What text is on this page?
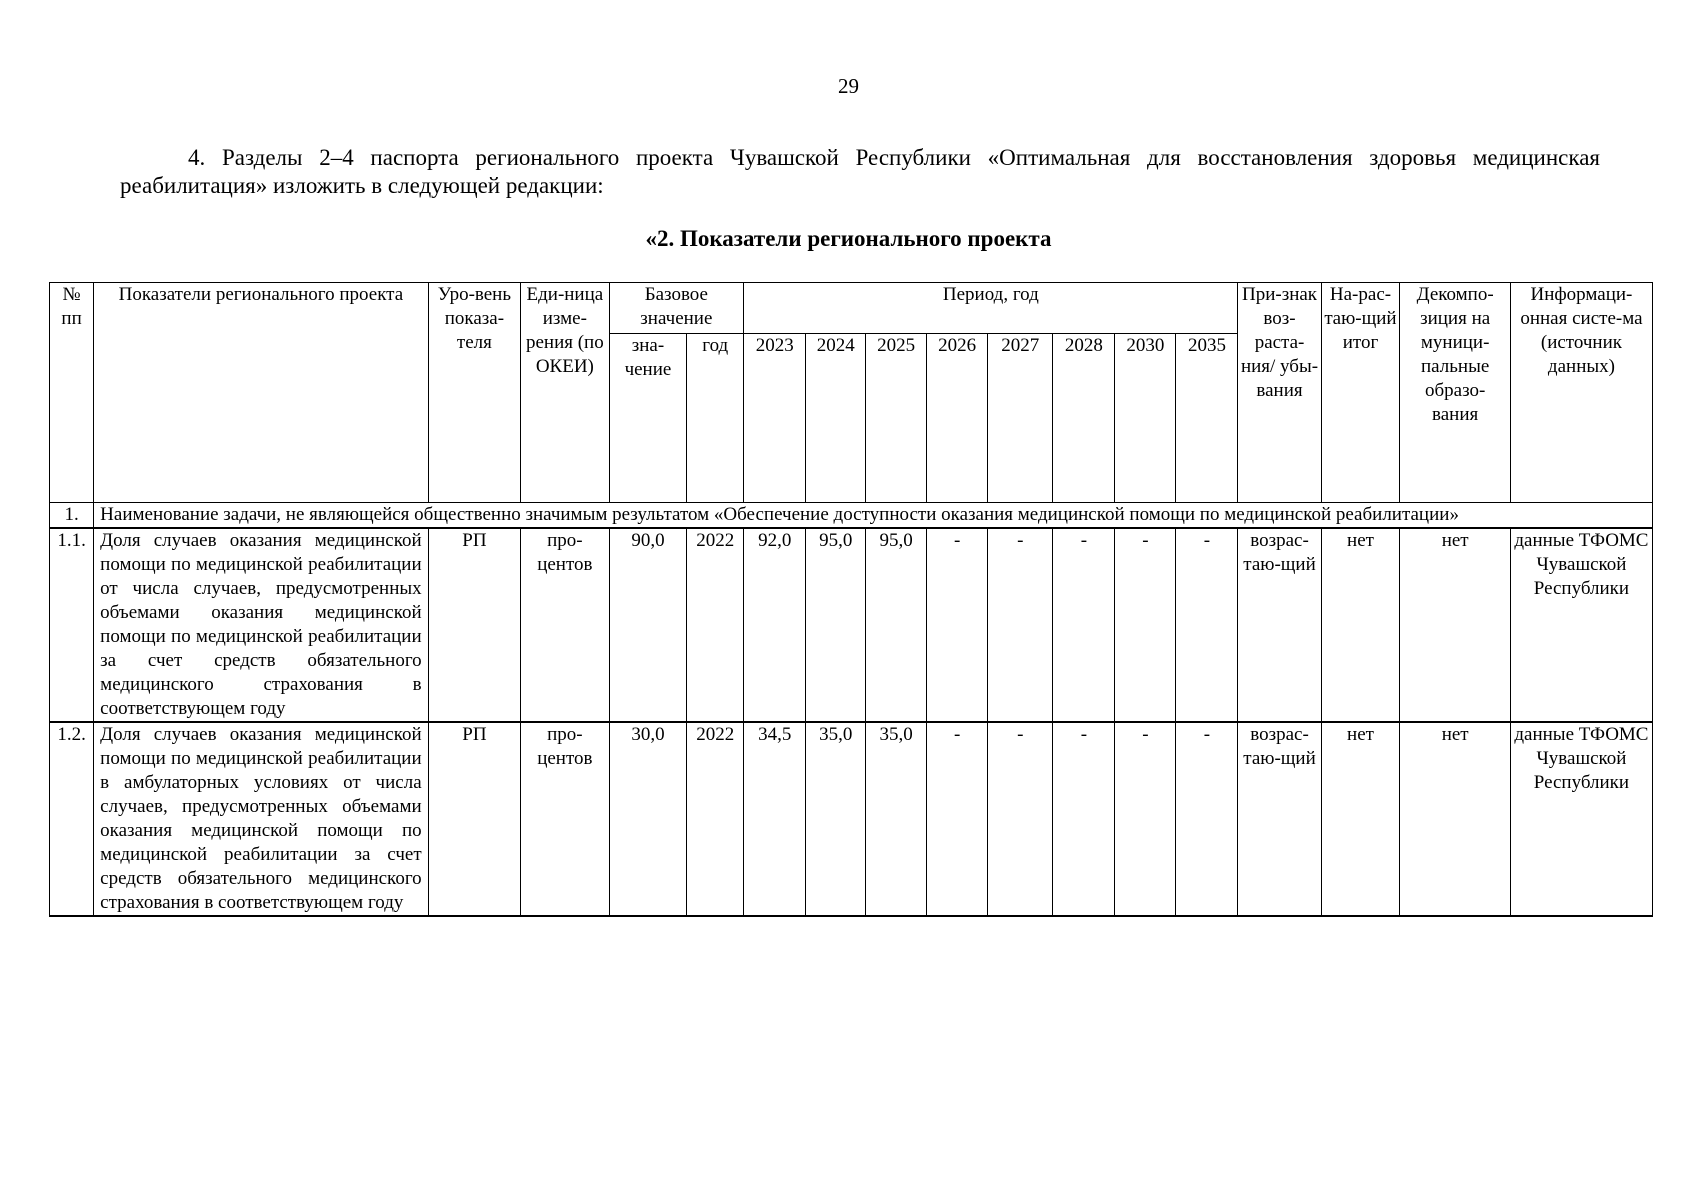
29
4. Разделы 2–4 паспорта регионального проекта Чувашской Республики «Оптимальная для восстановления здоровья медицинская реабилитация» изложить в следующей редакции:
«2. Показатели регионального проекта
№ пп	Показатели регионального проекта	Уро-вень показа-теля	Еди-ница изме-рения (по ОКЕИ)	Базовое значение		Период, год								При-знак воз-раста-ния/ убы-вания	На-рас-тaю-щий итог	Декомпо-зиция на муници-пальные образо-вания	Информаци-онная систе-ма (источник данных)

				зна-чение	год	2023	2024	2025	2026	2027	2028	2030	2035				
1.	Наименование задачи, не являющейся общественно значимым результатом «Обеспечение доступности оказания медицинской помощи по медицинской реабилитации»																
1.1.	Доля случаев оказания медицинской помощи по медицинской реабилитации от числа случаев, предусмотренных объемами оказания медицинской помощи по медицинской реабилитации за счет средств обязательного медицинского страхования в соответствующем году	РП	про-центов	90,0	2022	92,0	95,0	95,0	-	-	-	-	-	возрас-таю-щий	нет	нет	данные ТФОМС Чувашской Республики
1.2.	Доля случаев оказания медицинской помощи по медицинской реабилитации в амбулаторных условиях от числа случаев, предусмотренных объемами оказания медицинской помощи по медицинской реабилитации за счет средств обязательного медицинского страхования в соответствующем году	РП	про-центов	30,0	2022	34,5	35,0	35,0	-	-	-	-	-	возрас-таю-щий	нет	нет	данные ТФОМС Чувашской Республики
